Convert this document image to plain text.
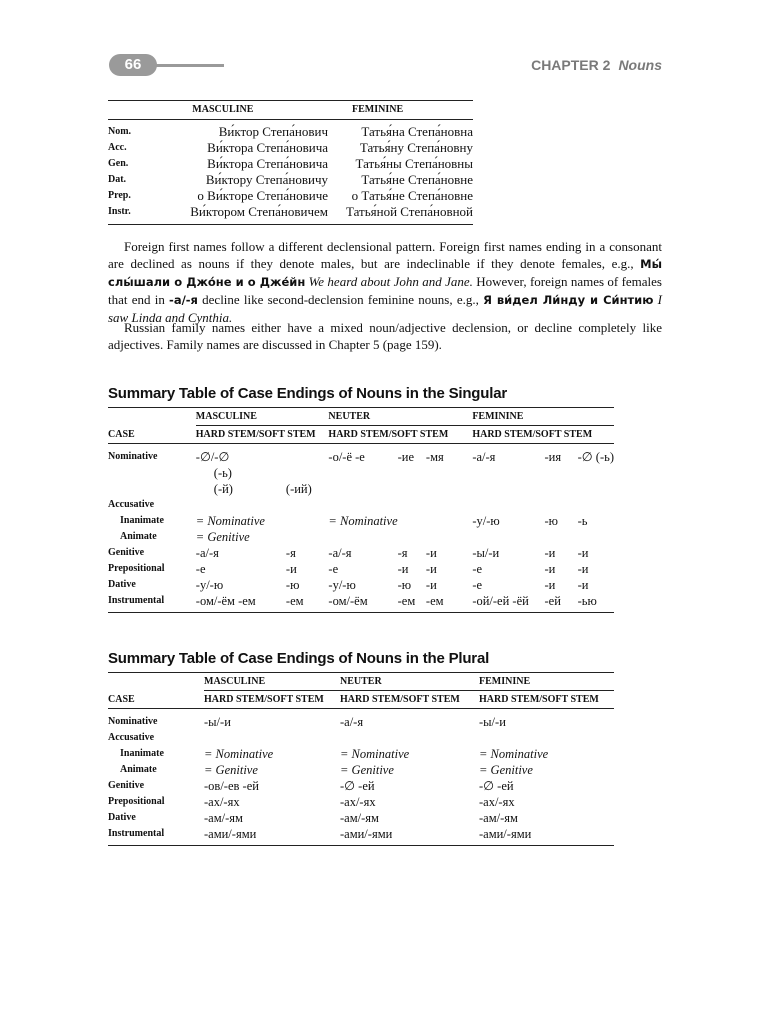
66	CHAPTER 2 Nouns
	MASCULINE	FEMININE
Nom.	Ви́ктор Степа́нович	Татья́на Степа́новна
Acc.	Ви́ктора Степа́новича	Татья́ну Степа́новну
Gen.	Ви́ктора Степа́новича	Татья́ны Степа́новны
Dat.	Ви́ктору Степа́новичу	Татья́не Степа́новне
Prep.	о Ви́кторе Степа́новиче	о Татья́не Степа́новне
Instr.	Ви́ктором Степа́новичем	Татья́ной Степа́новной

Foreign first names follow a different declensional pattern. Foreign first names ending in a consonant are declined as nouns if they denote males, but are indeclinable if they denote females, e.g., Мы́ слы́шали о Джо́не и о Дже́йн We heard about John and Jane. However, foreign names of females that end in -а/-я decline like second-declension feminine nouns, e.g., Я ви́дел Ли́нду и Си́нтию I saw Linda and Cynthia.

Russian family names either have a mixed noun/adjective declension, or decline completely like adjectives. Family names are discussed in Chapter 5 (page 159).

Summary Table of Case Endings of Nouns in the Singular
	MASCULINE		NEUTER			FEMININE		
CASE	HARD STEM/SOFT STEM		HARD STEM/SOFT STEM			HARD STEM/SOFT STEM		
Nominative	-∅/-∅		-о/-ё -е	-ие	-мя	-а/-я	-ия	-∅ (-ь)
	(-ь)							
	(-й)	(-ий)						
Accusative								
Inanimate	= Nominative		= Nominative			-у/-ю	-ю	-ь
Animate	= Genitive							
Genitive	-а/-я	-я	-а/-я	-я	-и	-ы/-и	-и	-и
Prepositional	-е	-и	-е	-и	-и	-е	-и	-и
Dative	-у/-ю	-ю	-у/-ю	-ю	-и	-е	-и	-и
Instrumental	-ом/-ём -ем	-ем	-ом/-ём	-ем	-ем	-ой/-ей -ёй	-ей	-ью
Summary Table of Case Endings of Nouns in the Plural
	MASCULINE	NEUTER	FEMININE
CASE	HARD STEM/SOFT STEM	HARD STEM/SOFT STEM	HARD STEM/SOFT STEM
Nominative	-ы/-и	-а/-я	-ы/-и
Accusative			
Inanimate	= Nominative	= Nominative	= Nominative
Animate	= Genitive	= Genitive	= Genitive
Genitive	-ов/-ев -ей	-∅ -ей	-∅ -ей
Prepositional	-ах/-ях	-ах/-ях	-ах/-ях
Dative	-ам/-ям	-ам/-ям	-ам/-ям
Instrumental	-ами/-ями	-ами/-ями	-ами/-ями
